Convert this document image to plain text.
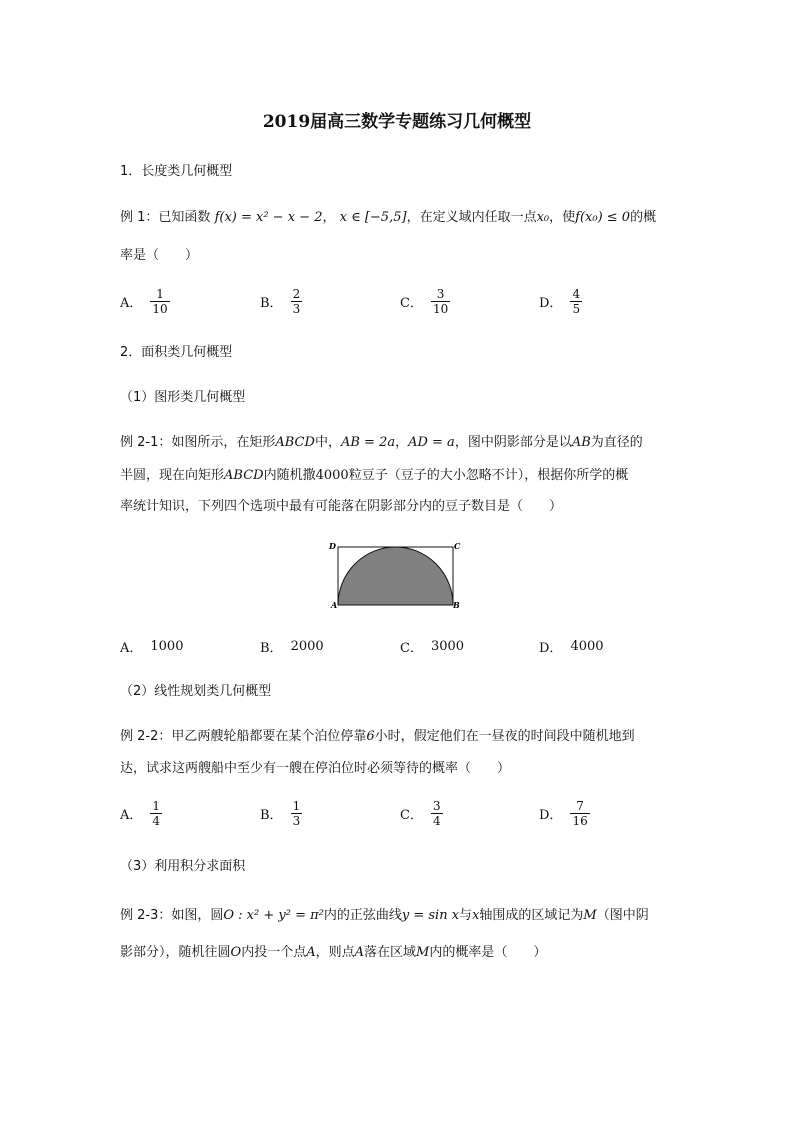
2019届高三数学专题练习几何概型
1．长度类几何概型
例 1：已知函数 f(x) = x² − x − 2， x ∈ [−5,5]，在定义域内任取一点x₀，使f(x₀) ≤ 0的概
率是（　　）
A． $\frac{1}{10}$	B． $\frac{2}{3}$	C． $\frac{3}{10}$	D． $\frac{4}{5}$
2．面积类几何概型
（1）图形类几何概型
例 2-1：如图所示，在矩形ABCD中，AB = 2a，AD = a，图中阴影部分是以AB为直径的
半圆，现在向矩形ABCD内随机撒4000粒豆子（豆子的大小忽略不计），根据你所学的概
率统计知识，下列四个选项中最有可能落在阴影部分内的豆子数目是（　　）
D	C
A	B
A． 1000	B． 2000	C． 3000	D． 4000
（2）线性规划类几何概型
例 2-2：甲乙两艘轮船都要在某个泊位停靠6小时，假定他们在一昼夜的时间段中随机地到
达，试求这两艘船中至少有一艘在停泊位时必须等待的概率（　　）
A． $\frac{1}{4}$	B． $\frac{1}{3}$	C． $\frac{3}{4}$	D． $\frac{7}{16}$
（3）利用积分求面积
例 2-3：如图，圆O : x² + y² = π²内的正弦曲线y = sin x与x轴围成的区域记为M（图中阴
影部分），随机往圆O内投一个点A，则点A落在区域M内的概率是（　　）
